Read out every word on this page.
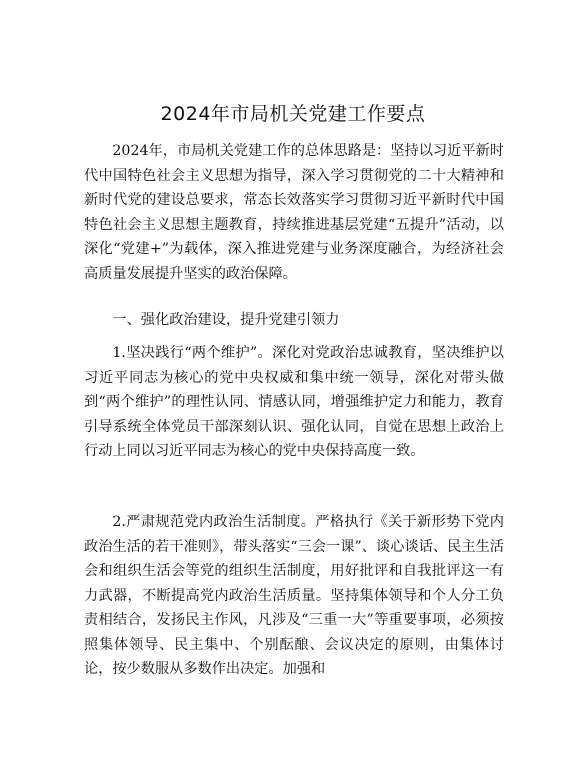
2024年市局机关党建工作要点

2024年，市局机关党建工作的总体思路是：坚持以习近平新时代中国特色社会主义思想为指导，深入学习贯彻党的二十大精神和新时代党的建设总要求，常态长效落实学习贯彻习近平新时代中国特色社会主义思想主题教育，持续推进基层党建“五提升”活动，以深化“党建+”为载体，深入推进党建与业务深度融合，为经济社会高质量发展提升坚实的政治保障。

一、强化政治建设，提升党建引领力

1.坚决践行“两个维护”。深化对党政治忠诚教育，坚决维护以习近平同志为核心的党中央权威和集中统一领导，深化对带头做到“两个维护”的理性认同、情感认同，增强维护定力和能力，教育引导系统全体党员干部深刻认识、强化认同，自觉在思想上政治上行动上同以习近平同志为核心的党中央保持高度一致。

2.严肃规范党内政治生活制度。严格执行《关于新形势下党内政治生活的若干准则》，带头落实“三会一课”、谈心谈话、民主生活会和组织生活会等党的组织生活制度，用好批评和自我批评这一有力武器，不断提高党内政治生活质量。坚持集体领导和个人分工负责相结合，发扬民主作风，凡涉及“三重一大”等重要事项，必须按照集体领导、民主集中、个别酝酿、会议决定的原则，由集体讨论，按少数服从多数作出决定。加强和
